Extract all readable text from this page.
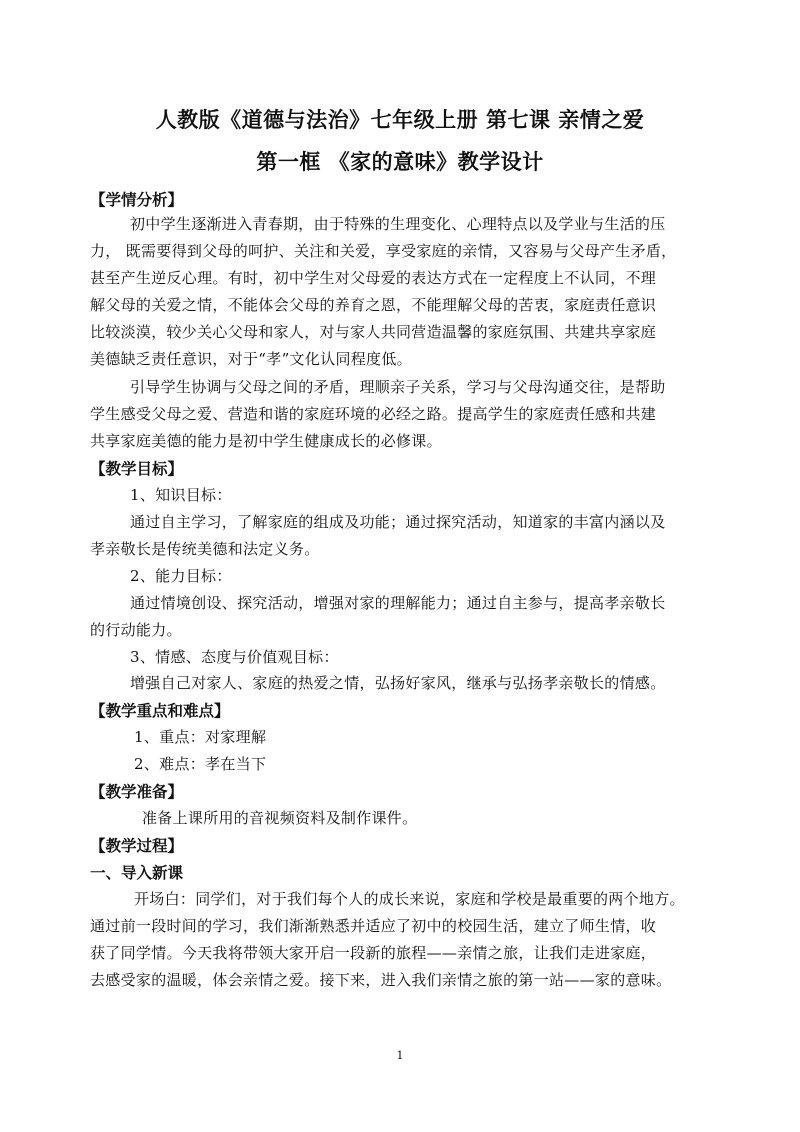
人教版《道德与法治》七年级上册 第七课 亲情之爱
第一框 《家的意味》教学设计
【学情分析】
初中学生逐渐进入青春期，由于特殊的生理变化、心理特点以及学业与生活的压
力， 既需要得到父母的呵护、关注和关爱，享受家庭的亲情，又容易与父母产生矛盾，
甚至产生逆反心理。有时，初中学生对父母爱的表达方式在一定程度上不认同，不理
解父母的关爱之情，不能体会父母的养育之恩，不能理解父母的苦衷，家庭责任意识
比较淡漠，较少关心父母和家人，对与家人共同营造温馨的家庭氛围、共建共享家庭
美德缺乏责任意识，对于“孝”文化认同程度低。
引导学生协调与父母之间的矛盾，理顺亲子关系，学习与父母沟通交往，是帮助
学生感受父母之爱、营造和谐的家庭环境的必经之路。提高学生的家庭责任感和共建
共享家庭美德的能力是初中学生健康成长的必修课。
【教学目标】
1、知识目标：
通过自主学习，了解家庭的组成及功能；通过探究活动，知道家的丰富内涵以及
孝亲敬长是传统美德和法定义务。
2、能力目标：
通过情境创设、探究活动，增强对家的理解能力；通过自主参与，提高孝亲敬长
的行动能力。
3、情感、态度与价值观目标：
增强自己对家人、家庭的热爱之情，弘扬好家风，继承与弘扬孝亲敬长的情感。
【教学重点和难点】
1、重点：对家理解
2、难点：孝在当下
【教学准备】
准备上课所用的音视频资料及制作课件。
【教学过程】
一、导入新课
开场白：同学们，对于我们每个人的成长来说，家庭和学校是最重要的两个地方。
通过前一段时间的学习，我们渐渐熟悉并适应了初中的校园生活，建立了师生情，收
获了同学情。今天我将带领大家开启一段新的旅程——亲情之旅，让我们走进家庭，
去感受家的温暖，体会亲情之爱。接下来，进入我们亲情之旅的第一站——家的意味。
1
